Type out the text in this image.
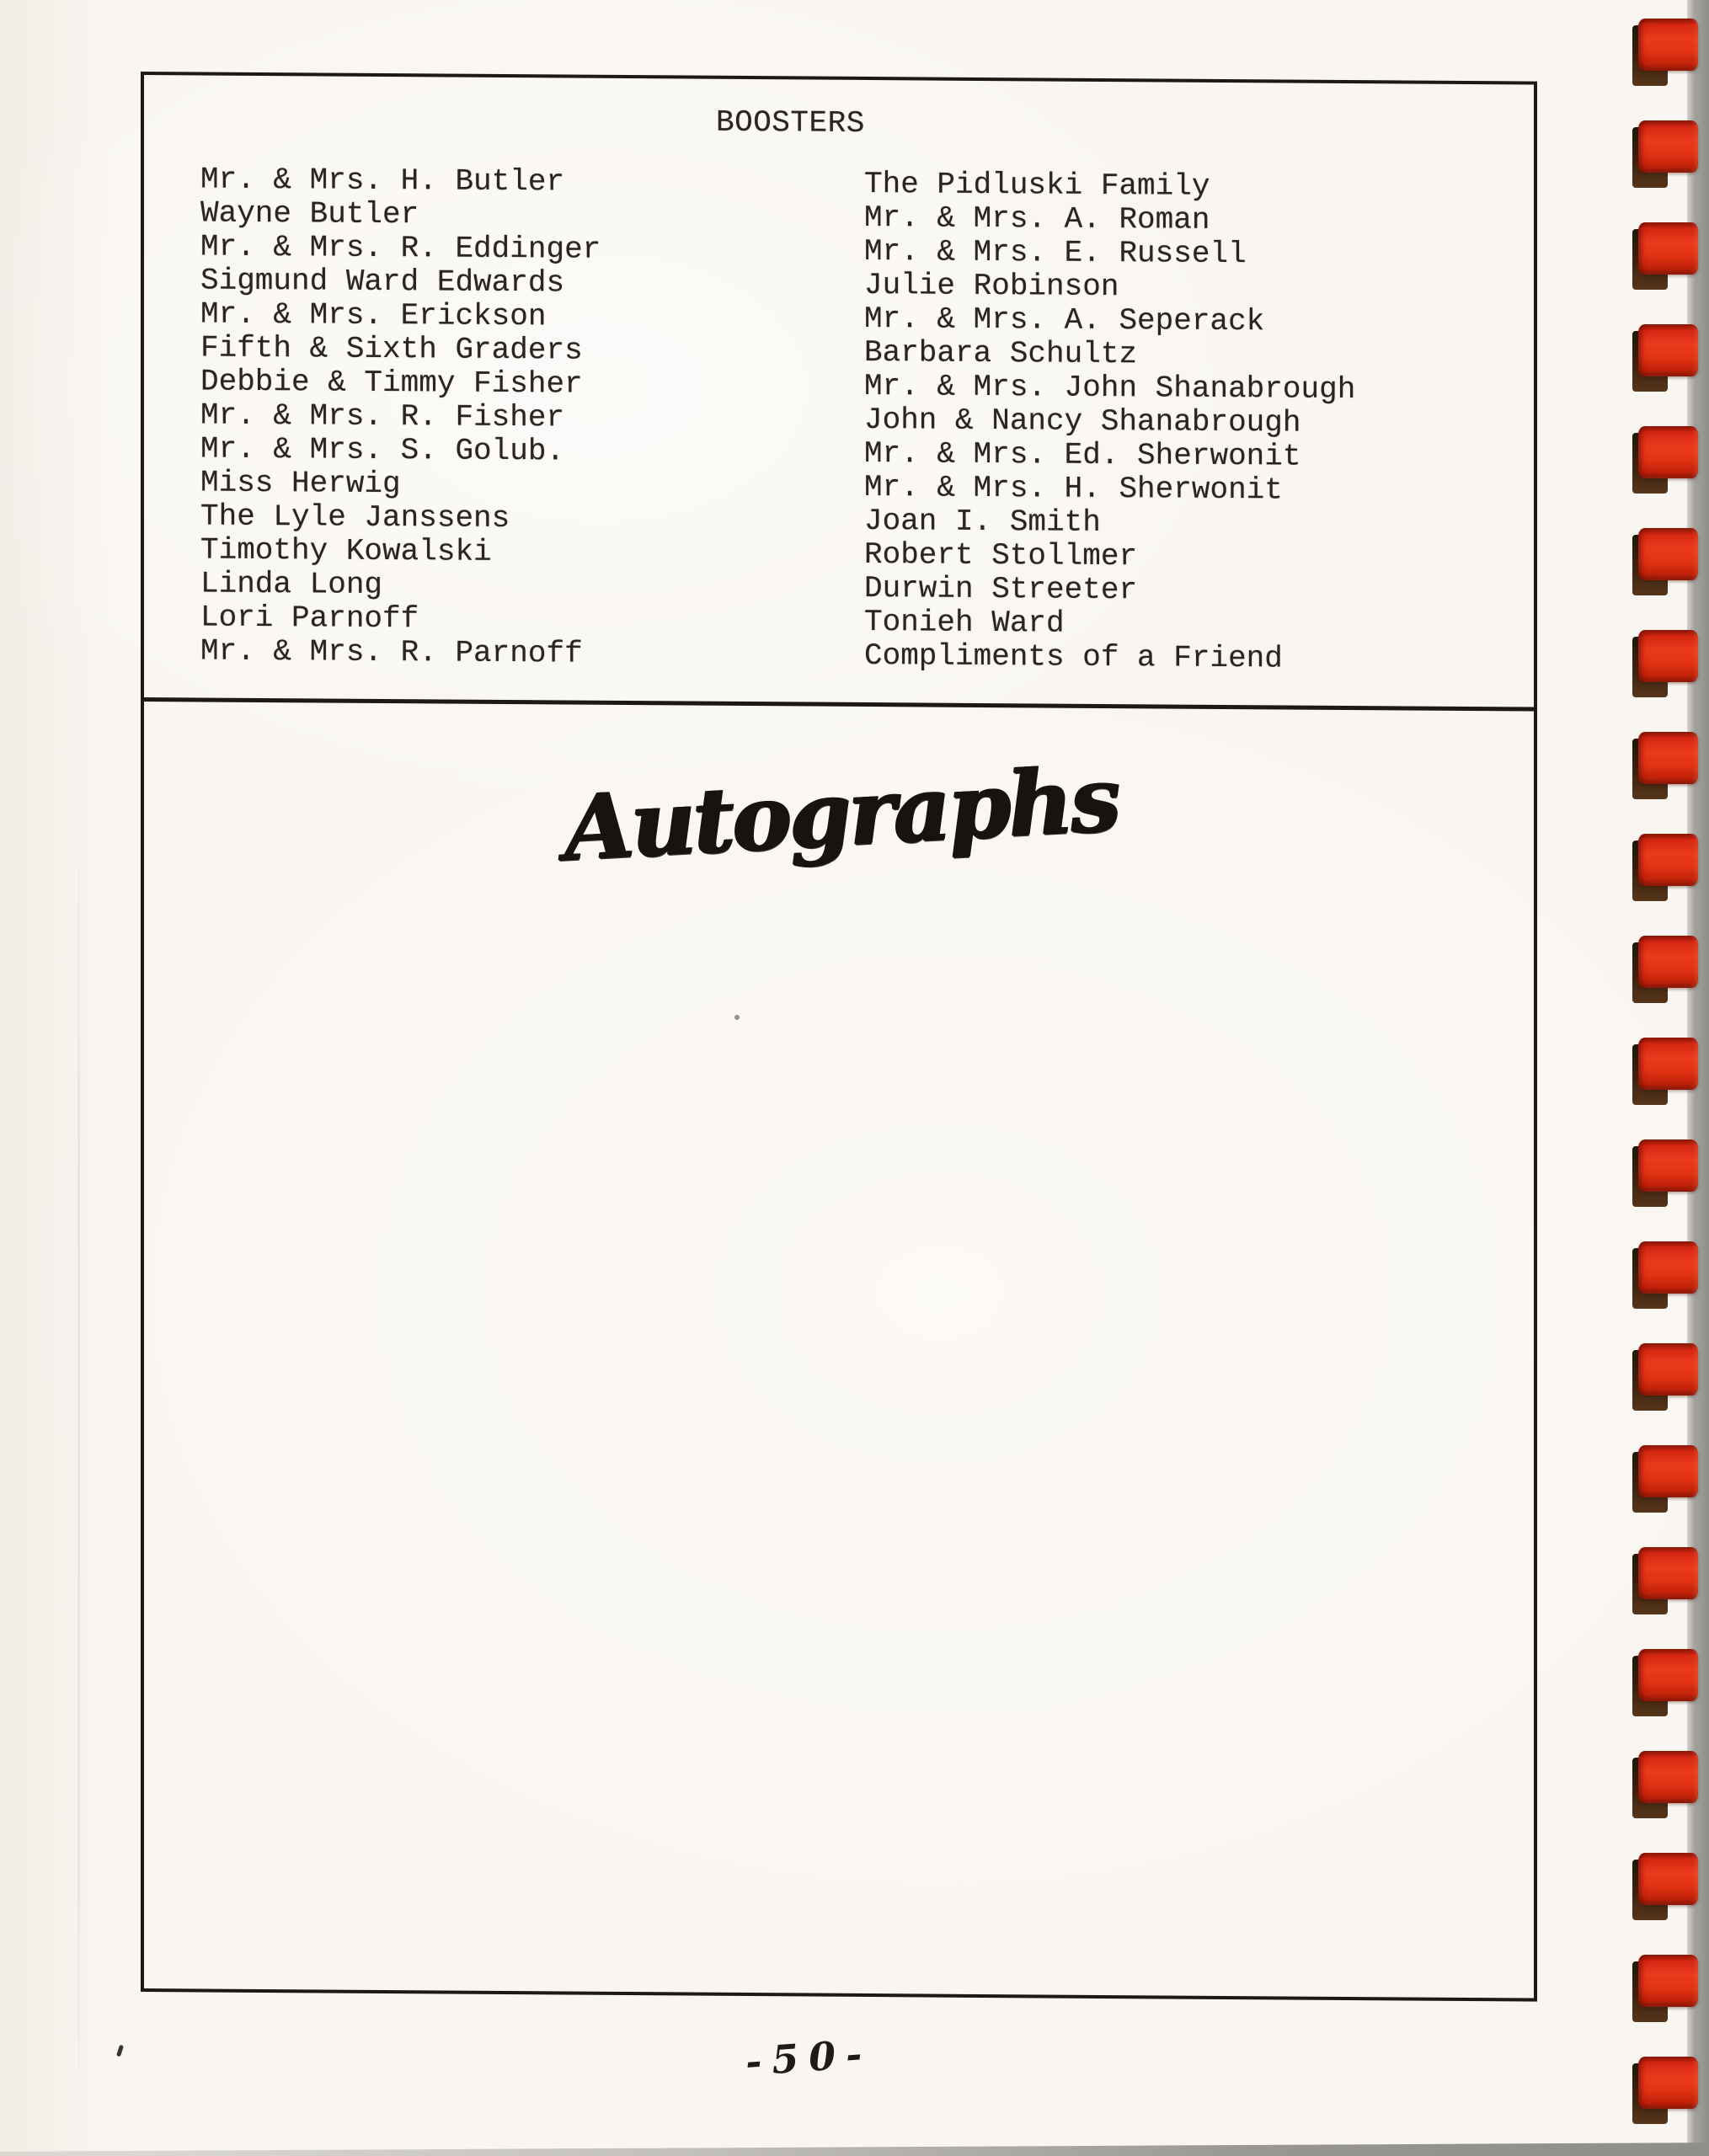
BOOSTERS
Mr. & Mrs. H. Butler
Wayne Butler
Mr. & Mrs. R. Eddinger
Sigmund Ward Edwards
Mr. & Mrs. Erickson
Fifth & Sixth Graders
Debbie & Timmy Fisher
Mr. & Mrs. R. Fisher
Mr. & Mrs. S. Golub.
Miss Herwig
The Lyle Janssens
Timothy Kowalski
Linda Long
Lori Parnoff
Mr. & Mrs. R. Parnoff
The Pidluski Family
Mr. & Mrs. A. Roman
Mr. & Mrs. E. Russell
Julie Robinson
Mr. & Mrs. A. Seperack
Barbara Schultz
Mr. & Mrs. John Shanabrough
John & Nancy Shanabrough
Mr. & Mrs. Ed. Sherwonit
Mr. & Mrs. H. Sherwonit
Joan I. Smith
Robert Stollmer
Durwin Streeter
Tonieh Ward
Compliments of a Friend
Autographs
-50-
